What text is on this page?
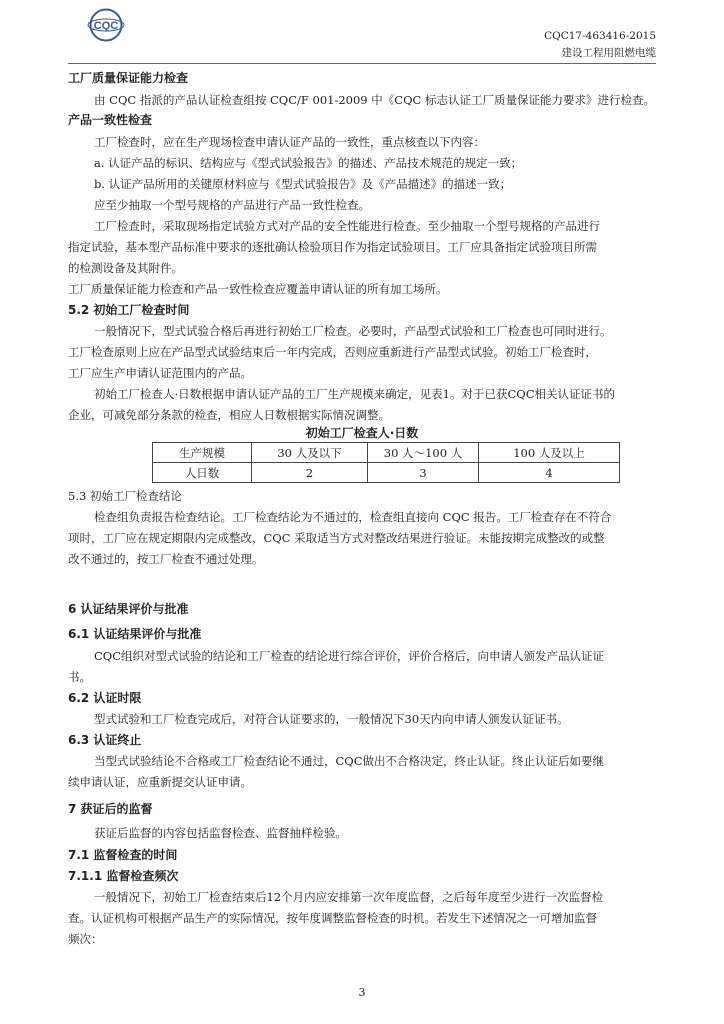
CQC
CQC17-463416-2015
建设工程用阻燃电缆
工厂质量保证能力检查
由 CQC 指派的产品认证检查组按 CQC/F 001-2009 中《CQC 标志认证工厂质量保证能力要求》进行检查。
产品一致性检查
工厂检查时，应在生产现场检查申请认证产品的一致性，重点核查以下内容：
a. 认证产品的标识、结构应与《型式试验报告》的描述、产品技术规范的规定一致；
b. 认证产品所用的关键原材料应与《型式试验报告》及《产品描述》的描述一致；
应至少抽取一个型号规格的产品进行产品一致性检查。
工厂检查时，采取现场指定试验方式对产品的安全性能进行检查。至少抽取一个型号规格的产品进行
指定试验，基本型产品标准中要求的逐批确认检验项目作为指定试验项目。工厂应具备指定试验项目所需
的检测设备及其附件。
工厂质量保证能力检查和产品一致性检查应覆盖申请认证的所有加工场所。
5.2 初始工厂检查时间
一般情况下，型式试验合格后再进行初始工厂检查。必要时，产品型式试验和工厂检查也可同时进行。
工厂检查原则上应在产品型式试验结束后一年内完成，否则应重新进行产品型式试验。初始工厂检查时，
工厂应生产申请认证范围内的产品。
初始工厂检查人·日数根据申请认证产品的工厂生产规模来确定，见表1。对于已获CQC相关认证证书的
企业，可减免部分条款的检查，相应人日数根据实际情况调整。
初始工厂检查人·日数
生产规模	30 人及以下	30 人～100 人	100 人及以上
人日数	2	3	4
5.3 初始工厂检查结论
检查组负责报告检查结论。工厂检查结论为不通过的，检查组直接向 CQC 报告。工厂检查存在不符合
项时，工厂应在规定期限内完成整改，CQC 采取适当方式对整改结果进行验证。未能按期完成整改的或整
改不通过的，按工厂检查不通过处理。
6 认证结果评价与批准
6.1 认证结果评价与批准
CQC组织对型式试验的结论和工厂检查的结论进行综合评价，评价合格后，向申请人颁发产品认证证
书。
6.2 认证时限
型式试验和工厂检查完成后，对符合认证要求的，一般情况下30天内向申请人颁发认证证书。
6.3 认证终止
当型式试验结论不合格或工厂检查结论不通过，CQC做出不合格决定，终止认证。终止认证后如要继
续申请认证，应重新提交认证申请。
7 获证后的监督
获证后监督的内容包括监督检查、监督抽样检验。
7.1 监督检查的时间
7.1.1 监督检查频次
一般情况下，初始工厂检查结束后12个月内应安排第一次年度监督，之后每年度至少进行一次监督检
查。认证机构可根据产品生产的实际情况，按年度调整监督检查的时机。若发生下述情况之一可增加监督
频次：
3
